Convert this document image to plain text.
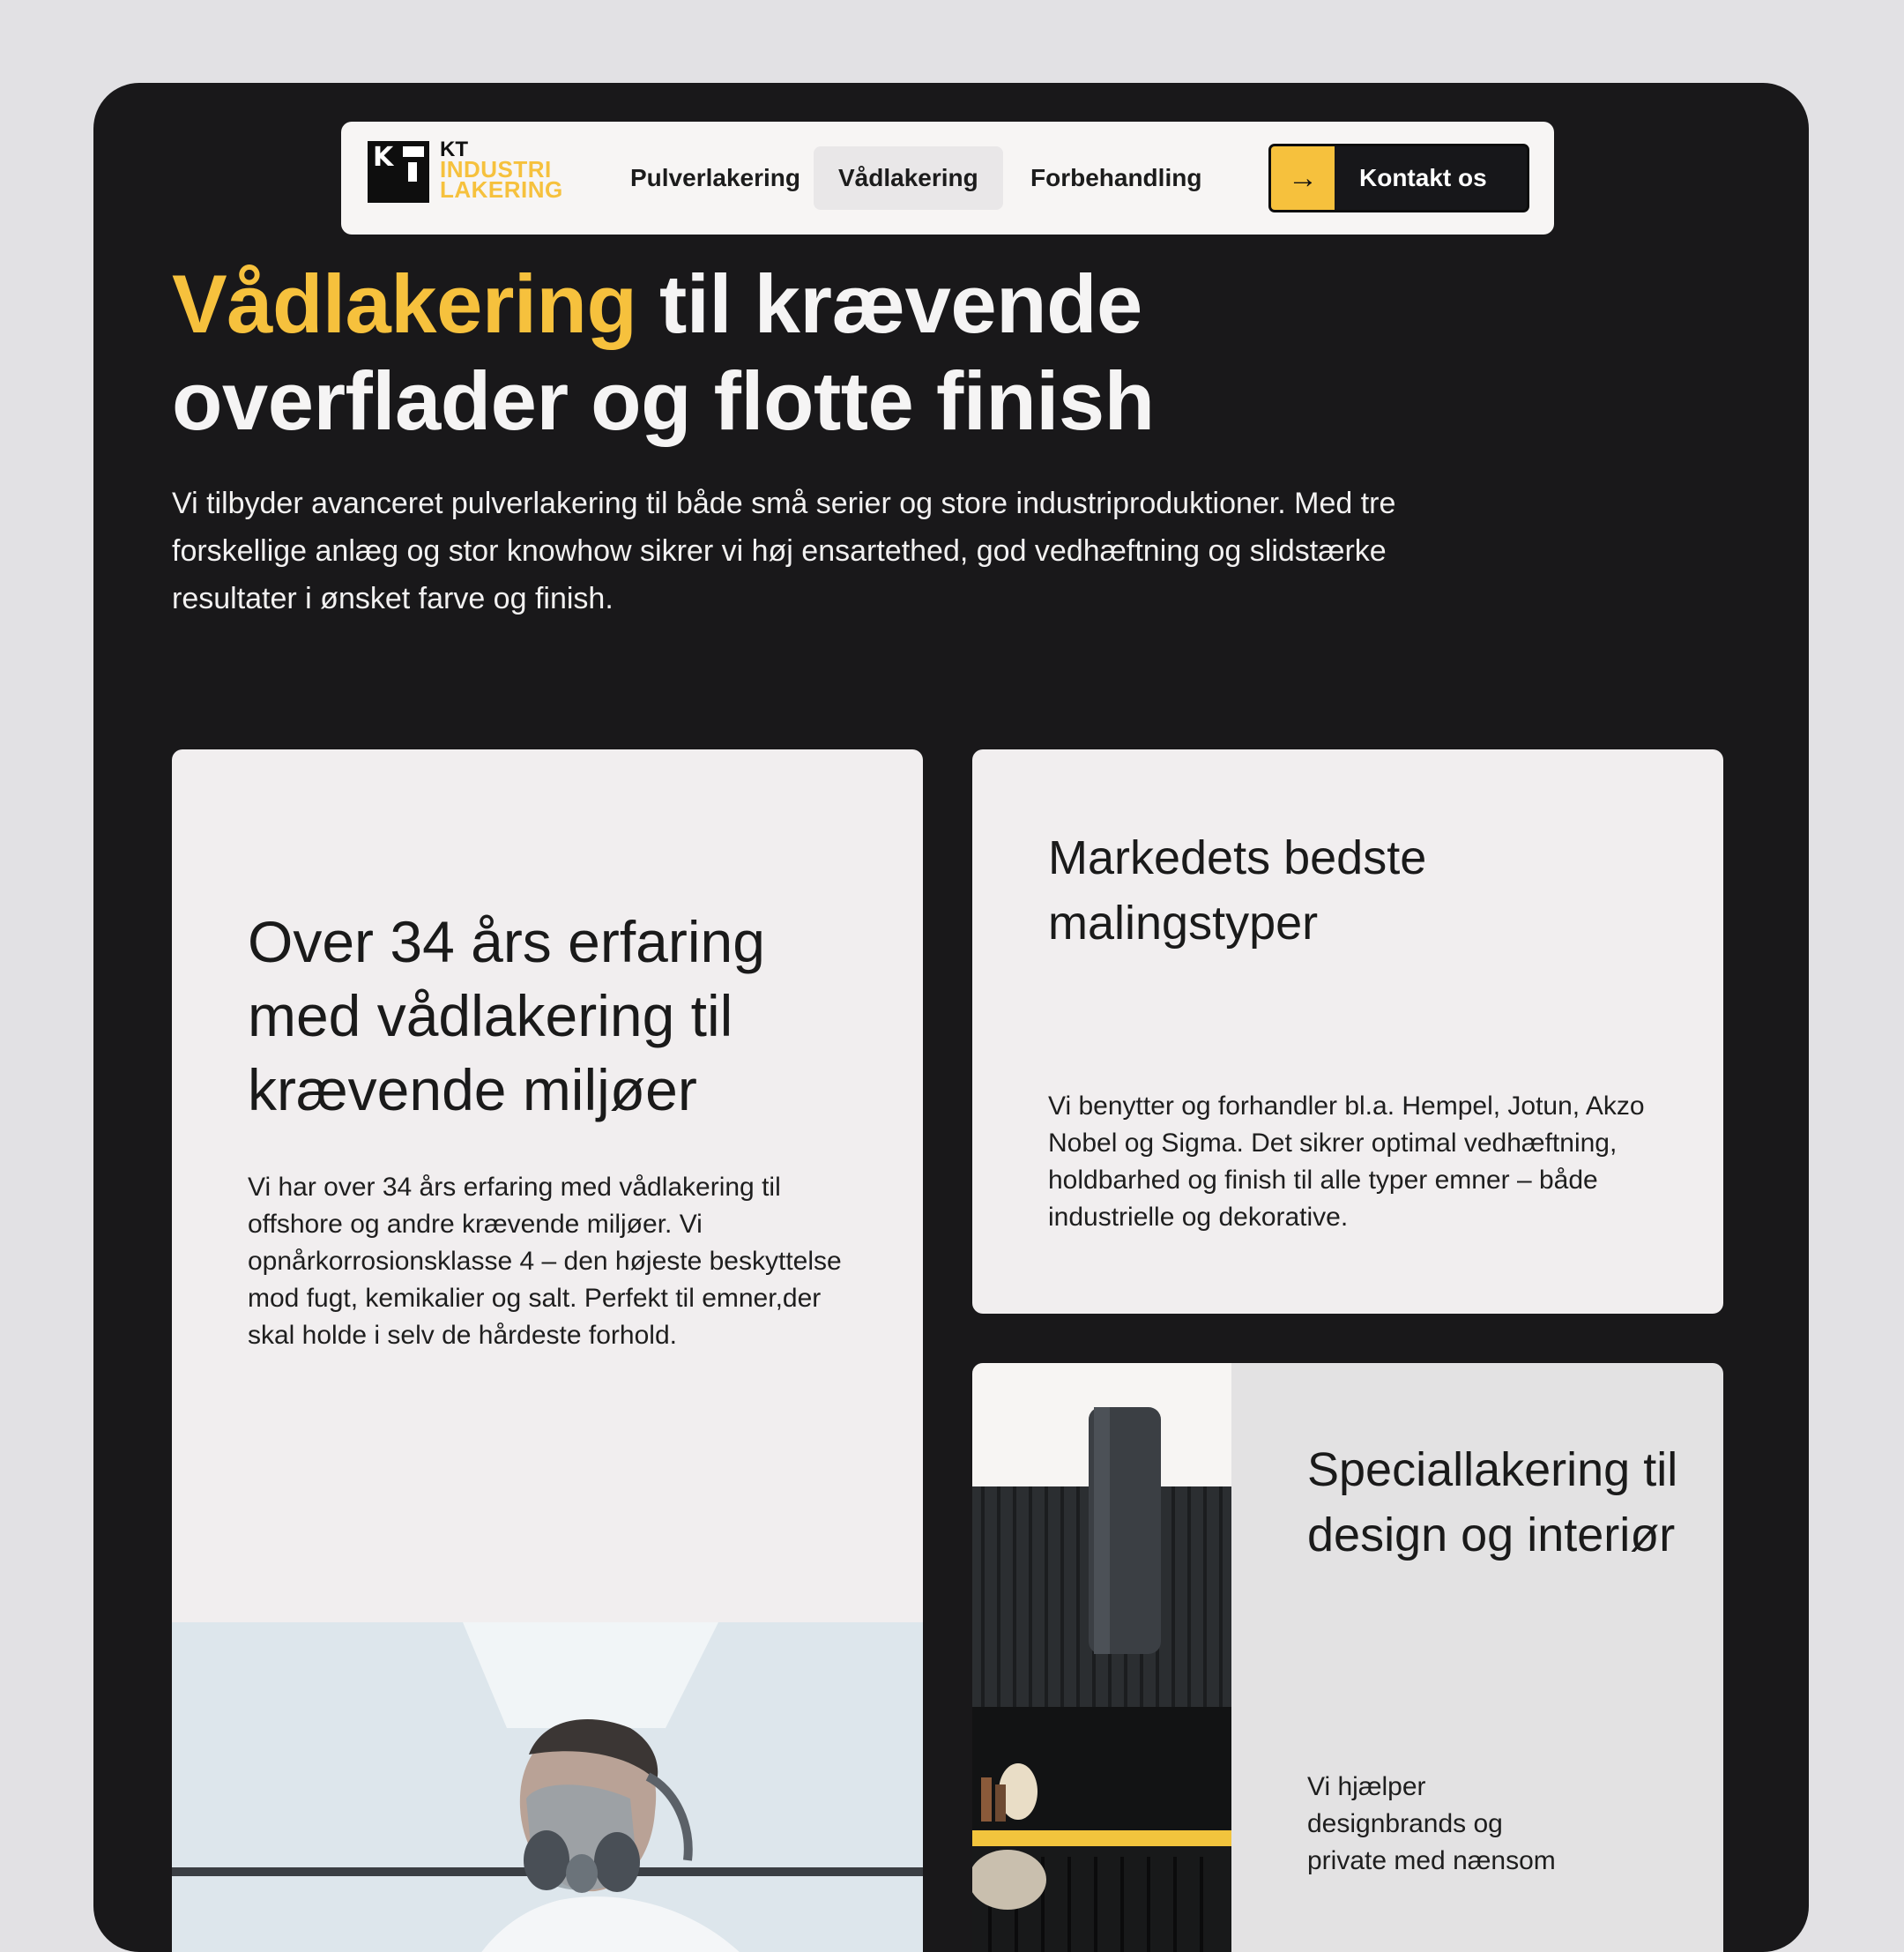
K KT
INDUSTRI
LAKERING	Pulverlakering	Vådlakering	Forbehandling	→	Kontakt os
Vådlakering til krævende overflader og flotte finish

Vi tilbyder avanceret pulverlakering til både små serier og store industriproduktioner. Med tre forskellige anlæg og stor knowhow sikrer vi høj ensartethed, god vedhæftning og slidstærke resultater i ønsket farve og finish.

Over 34 års erfaring med vådlakering til krævende miljøer

Vi har over 34 års erfaring med vådlakering til offshore og andre krævende miljøer. Vi opnårkorrosionsklasse 4 – den højeste beskyttelse mod fugt, kemikalier og salt. Perfekt til emner,der skal holde i selv de hårdeste forhold.

Markedets bedste malingstyper

Vi benytter og forhandler bl.a. Hempel, Jotun, Akzo Nobel og Sigma. Det sikrer optimal vedhæftning, holdbarhed og finish til alle typer emner – både industrielle og dekorative.

Speciallakering til design og interiør

Vi hjælper designbrands og private med nænsom
